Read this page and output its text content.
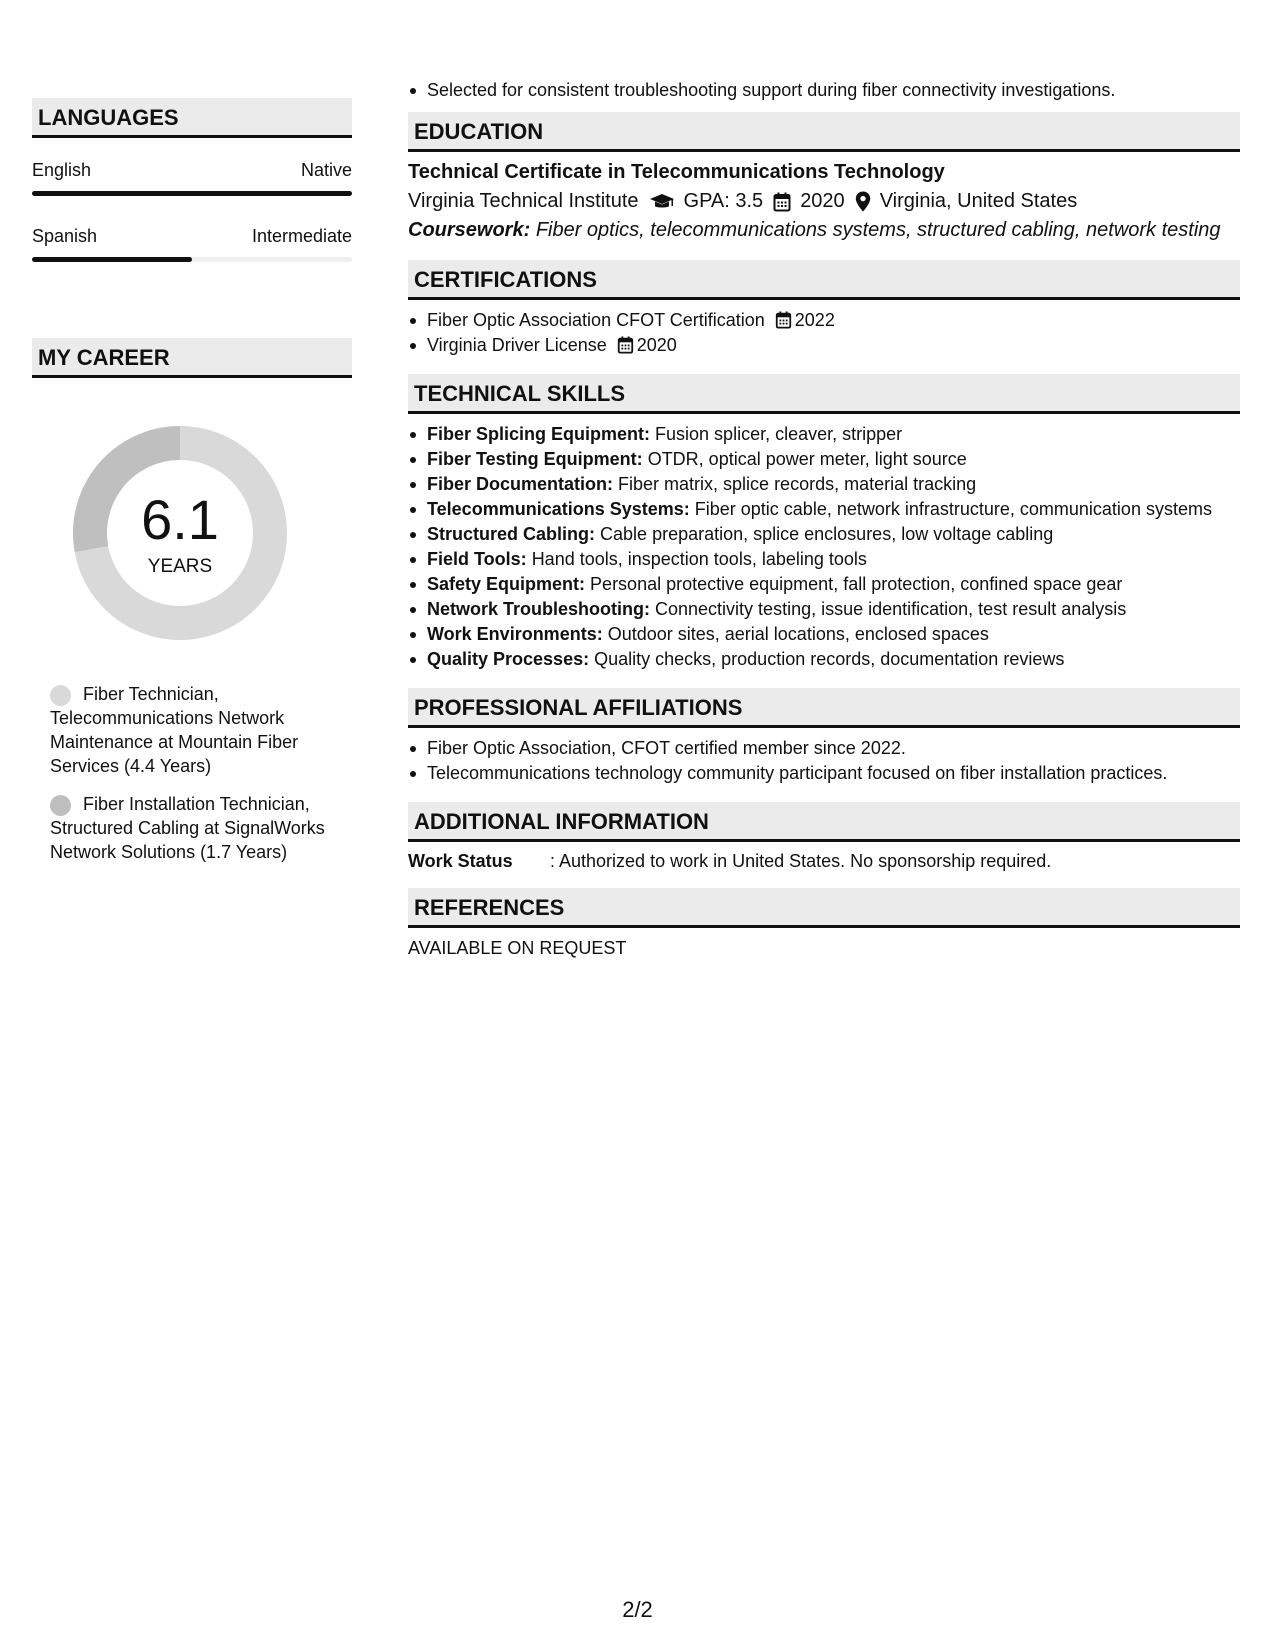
LANGUAGES
English	Native
Spanish	Intermediate
MY CAREER
6.1
YEARS
Fiber Technician, Telecommunications Network Maintenance at Mountain Fiber Services (4.4 Years)
Fiber Installation Technician, Structured Cabling at SignalWorks Network Solutions (1.7 Years)
Selected for consistent troubleshooting support during fiber connectivity investigations.
EDUCATION
Technical Certificate in Telecommunications Technology
Virginia Technical Institute GPA: 3.5 2020 Virginia, United States
Coursework: Fiber optics, telecommunications systems, structured cabling, network testing
CERTIFICATIONS
Fiber Optic Association CFOT Certification 2022
Virginia Driver License 2020
TECHNICAL SKILLS
Fiber Splicing Equipment: Fusion splicer, cleaver, stripper
Fiber Testing Equipment: OTDR, optical power meter, light source
Fiber Documentation: Fiber matrix, splice records, material tracking
Telecommunications Systems: Fiber optic cable, network infrastructure, communication systems
Structured Cabling: Cable preparation, splice enclosures, low voltage cabling
Field Tools: Hand tools, inspection tools, labeling tools
Safety Equipment: Personal protective equipment, fall protection, confined space gear
Network Troubleshooting: Connectivity testing, issue identification, test result analysis
Work Environments: Outdoor sites, aerial locations, enclosed spaces
Quality Processes: Quality checks, production records, documentation reviews
PROFESSIONAL AFFILIATIONS
Fiber Optic Association, CFOT certified member since 2022.
Telecommunications technology community participant focused on fiber installation practices.
ADDITIONAL INFORMATION
Work Status	: Authorized to work in United States. No sponsorship required.
REFERENCES
AVAILABLE ON REQUEST
2/2
